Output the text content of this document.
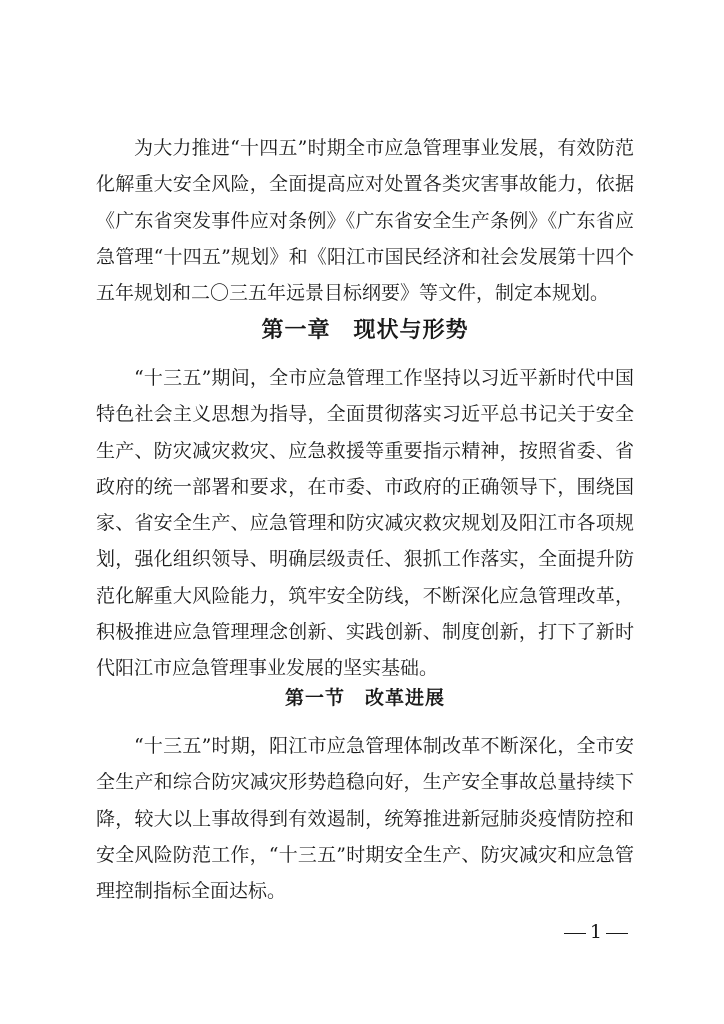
为大力推进“十四五”时期全市应急管理事业发展，有效防范化解重大安全风险，全面提高应对处置各类灾害事故能力，依据《广东省突发事件应对条例》《广东省安全生产条例》《广东省应急管理“十四五”规划》和《阳江市国民经济和社会发展第十四个五年规划和二〇三五年远景目标纲要》等文件，制定本规划。

第一章　现状与形势

“十三五”期间，全市应急管理工作坚持以习近平新时代中国特色社会主义思想为指导，全面贯彻落实习近平总书记关于安全生产、防灾减灾救灾、应急救援等重要指示精神，按照省委、省政府的统一部署和要求，在市委、市政府的正确领导下，围绕国家、省安全生产、应急管理和防灾减灾救灾规划及阳江市各项规划，强化组织领导、明确层级责任、狠抓工作落实，全面提升防范化解重大风险能力，筑牢安全防线，不断深化应急管理改革，积极推进应急管理理念创新、实践创新、制度创新，打下了新时代阳江市应急管理事业发展的坚实基础。

第一节　改革进展

“十三五”时期，阳江市应急管理体制改革不断深化，全市安全生产和综合防灾减灾形势趋稳向好，生产安全事故总量持续下降，较大以上事故得到有效遏制，统筹推进新冠肺炎疫情防控和安全风险防范工作，“十三五”时期安全生产、防灾减灾和应急管理控制指标全面达标。

1
